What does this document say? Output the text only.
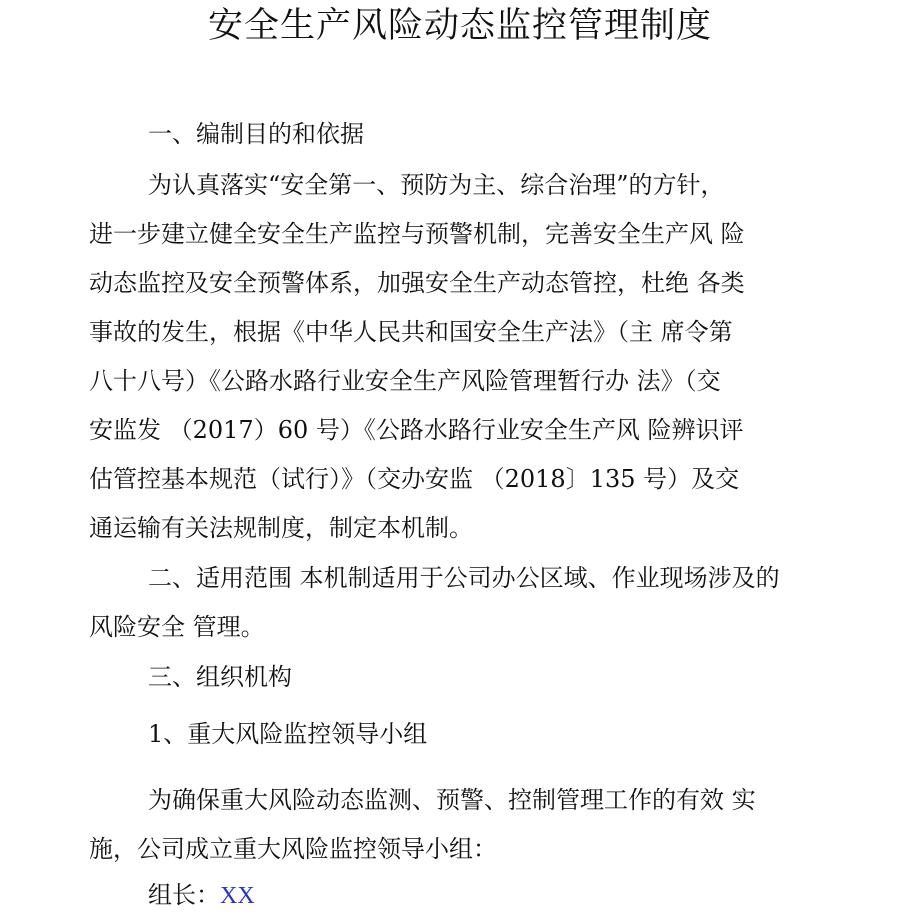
安全生产风险动态监控管理制度

一、编制目的和依据

为认真落实“安全第一、预防为主、综合治理”的方针，

进一步建立健全安全生产监控与预警机制，完善安全生产风 险

动态监控及安全预警体系，加强安全生产动态管控，杜绝 各类

事故的发生，根据《中华人民共和国安全生产法》（主 席令第

八十八号）《公路水路行业安全生产风险管理暂行办 法》（交

安监发 （2017）60 号）《公路水路行业安全生产风 险辨识评

估管控基本规范（试行）》（交办安监 （2018〕135 号）及交

通运输有关法规制度，制定本机制。

二、适用范围 本机制适用于公司办公区域、作业现场涉及的

风险安全 管理。

三、组织机构

1、重大风险监控领导小组

为确保重大风险动态监测、预警、控制管理工作的有效 实

施，公司成立重大风险监控领导小组：

组长：XX
